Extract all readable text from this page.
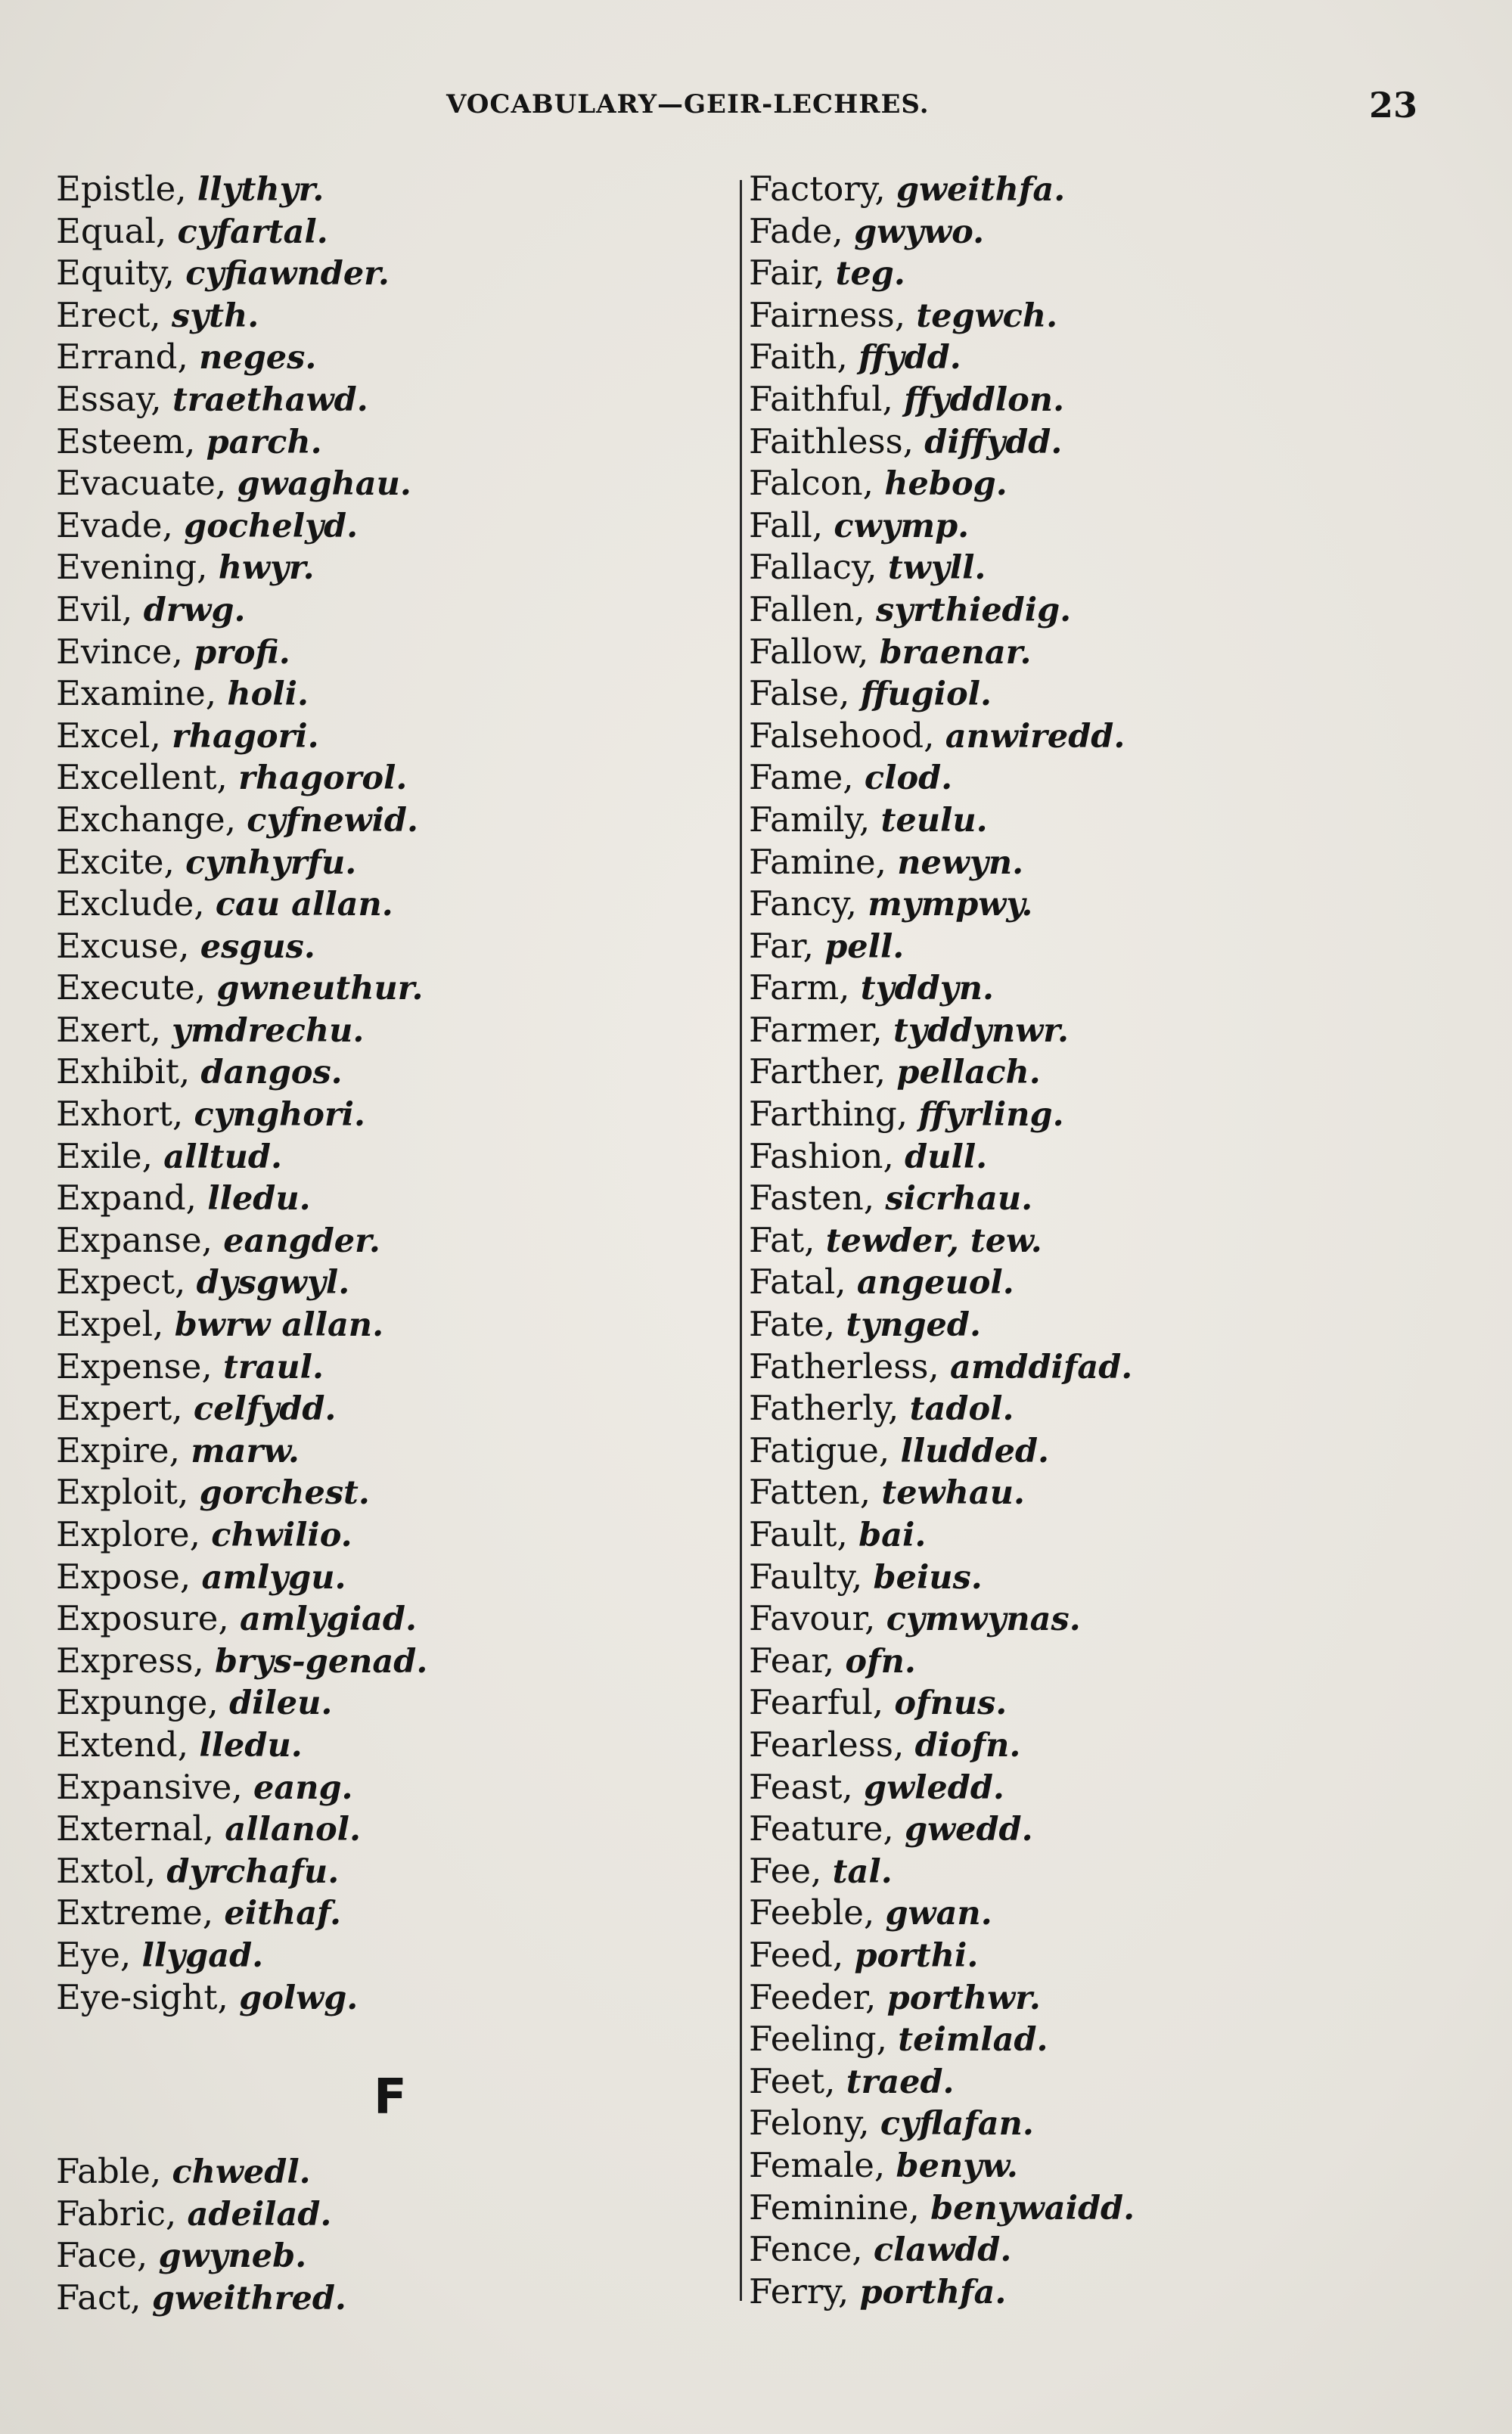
VOCABULARY—GEIR-LECHRES.	23
Epistle, llythyr.
Equal, cyfartal.
Equity, cyfiawnder.
Erect, syth.
Errand, neges.
Essay, traethawd.
Esteem, parch.
Evacuate, gwaghau.
Evade, gochelyd.
Evening, hwyr.
Evil, drwg.
Evince, profi.
Examine, holi.
Excel, rhagori.
Excellent, rhagorol.
Exchange, cyfnewid.
Excite, cynhyrfu.
Exclude, cau allan.
Excuse, esgus.
Execute, gwneuthur.
Exert, ymdrechu.
Exhibit, dangos.
Exhort, cynghori.
Exile, alltud.
Expand, lledu.
Expanse, eangder.
Expect, dysgwyl.
Expel, bwrw allan.
Expense, traul.
Expert, celfydd.
Expire, marw.
Exploit, gorchest.
Explore, chwilio.
Expose, amlygu.
Exposure, amlygiad.
Express, brys-genad.
Expunge, dileu.
Extend, lledu.
Expansive, eang.
External, allanol.
Extol, dyrchafu.
Extreme, eithaf.
Eye, llygad.
Eye-sight, golwg.
F
Fable, chwedl.
Fabric, adeilad.
Face, gwyneb.
Fact, gweithred.
Factory, gweithfa.
Fade, gwywo.
Fair, teg.
Fairness, tegwch.
Faith, ffydd.
Faithful, ffyddlon.
Faithless, diffydd.
Falcon, hebog.
Fall, cwymp.
Fallacy, twyll.
Fallen, syrthiedig.
Fallow, braenar.
False, ffugiol.
Falsehood, anwiredd.
Fame, clod.
Family, teulu.
Famine, newyn.
Fancy, mympwy.
Far, pell.
Farm, tyddyn.
Farmer, tyddynwr.
Farther, pellach.
Farthing, ffyrling.
Fashion, dull.
Fasten, sicrhau.
Fat, tewder, tew.
Fatal, angeuol.
Fate, tynged.
Fatherless, amddifad.
Fatherly, tadol.
Fatigue, lludded.
Fatten, tewhau.
Fault, bai.
Faulty, beius.
Favour, cymwynas.
Fear, ofn.
Fearful, ofnus.
Fearless, diofn.
Feast, gwledd.
Feature, gwedd.
Fee, tal.
Feeble, gwan.
Feed, porthi.
Feeder, porthwr.
Feeling, teimlad.
Feet, traed.
Felony, cyflafan.
Female, benyw.
Feminine, benywaidd.
Fence, clawdd.
Ferry, porthfa.
